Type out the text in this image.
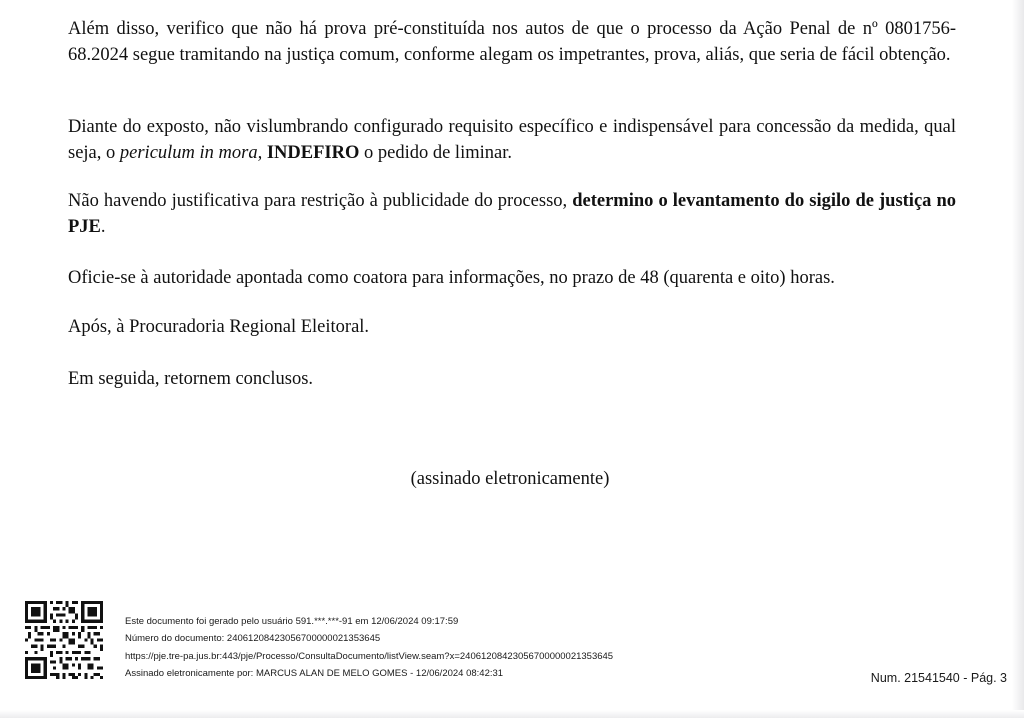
Além disso, verifico que não há prova pré-constituída nos autos de que o processo da Ação Penal de nº 0801756-68.2024 segue tramitando na justiça comum, conforme alegam os impetrantes, prova, aliás, que seria de fácil obtenção.

Diante do exposto, não vislumbrando configurado requisito específico e indispensável para concessão da medida, qual seja, o periculum in mora, INDEFIRO o pedido de liminar.

Não havendo justificativa para restrição à publicidade do processo, determino o levantamento do sigilo de justiça no PJE.

Oficie-se à autoridade apontada como coatora para informações, no prazo de 48 (quarenta e oito) horas.

Após, à Procuradoria Regional Eleitoral.

Em seguida, retornem conclusos.

(assinado eletronicamente)
Este documento foi gerado pelo usuário 591.***.***-91 em 12/06/2024 09:17:59
Número do documento: 24061208423056700000021353645
https://pje.tre-pa.jus.br:443/pje/Processo/ConsultaDocumento/listView.seam?x=24061208423056700000021353645
Assinado eletronicamente por: MARCUS ALAN DE MELO GOMES - 12/06/2024 08:42:31	Num. 21541540 - Pág. 3
